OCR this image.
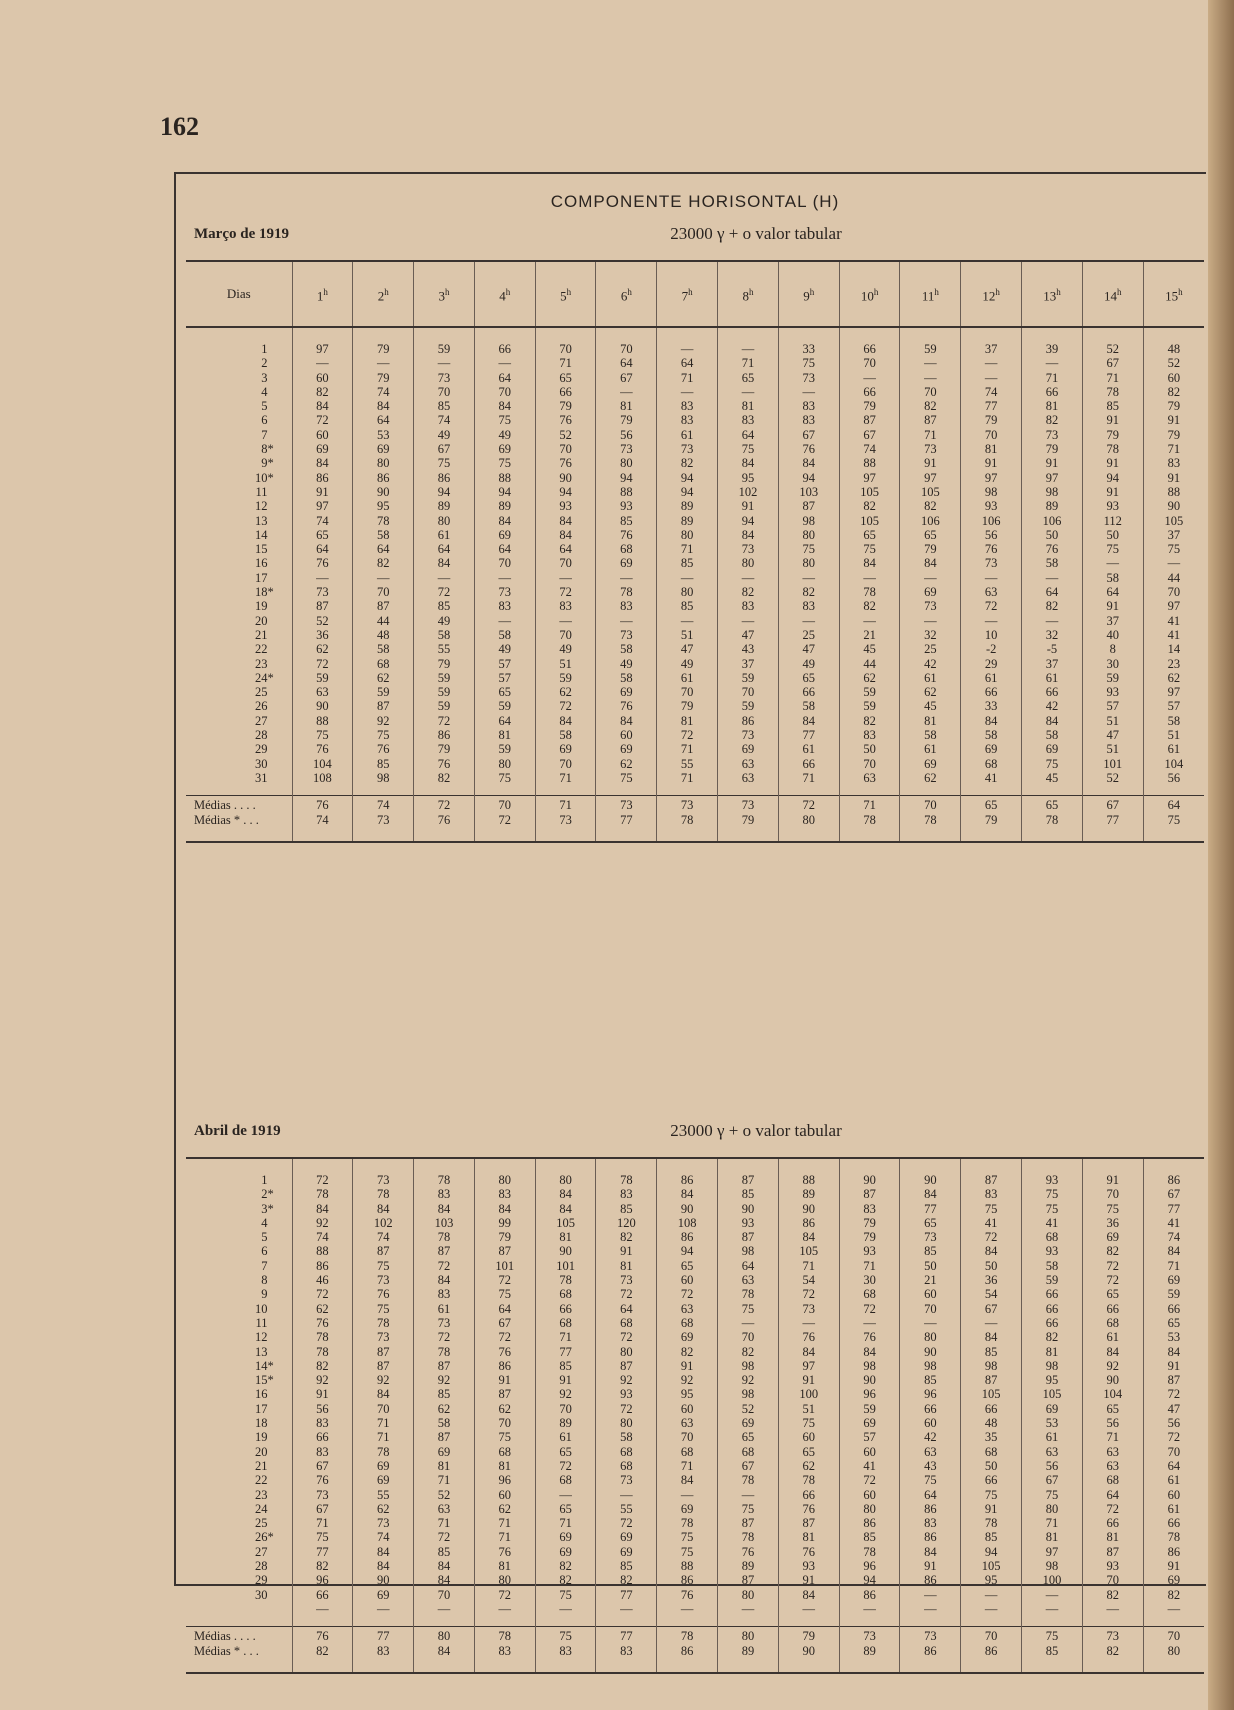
162
COMPONENTE HORISONTAL (H)
Março de 1919	23000 γ + o valor tabular
Dias	1$^h$	2$^h$	3$^h$	4$^h$	5$^h$	6$^h$	7$^h$	8$^h$	9$^h$	10$^h$	11$^h$	12$^h$	13$^h$	14$^h$	15$^h$
1	97	79	59	66	70	70	—	—	33	66	59	37	39	52	48
2	—	—	—	—	71	64	64	71	75	70	—	—	—	67	52
3	60	79	73	64	65	67	71	65	73	—	—	—	71	71	60
4	82	74	70	70	66	—	—	—	—	66	70	74	66	78	82
5	84	84	85	84	79	81	83	81	83	79	82	77	81	85	79
6	72	64	74	75	76	79	83	83	83	87	87	79	82	91	91
7	60	53	49	49	52	56	61	64	67	67	71	70	73	79	79
8*	69	69	67	69	70	73	73	75	76	74	73	81	79	78	71
9*	84	80	75	75	76	80	82	84	84	88	91	91	91	91	83
10*	86	86	86	88	90	94	94	95	94	97	97	97	97	94	91
11	91	90	94	94	94	88	94	102	103	105	105	98	98	91	88
12	97	95	89	89	93	93	89	91	87	82	82	93	89	93	90
13	74	78	80	84	84	85	89	94	98	105	106	106	106	112	105
14	65	58	61	69	84	76	80	84	80	65	65	56	50	50	37
15	64	64	64	64	64	68	71	73	75	75	79	76	76	75	75
16	76	82	84	70	70	69	85	80	80	84	84	73	58	—	—
17	—	—	—	—	—	—	—	—	—	—	—	—	—	58	44
18*	73	70	72	73	72	78	80	82	82	78	69	63	64	64	70
19	87	87	85	83	83	83	85	83	83	82	73	72	82	91	97
20	52	44	49	—	—	—	—	—	—	—	—	—	—	37	41
21	36	48	58	58	70	73	51	47	25	21	32	10	32	40	41
22	62	58	55	49	49	58	47	43	47	45	25	-2	-5	8	14
23	72	68	79	57	51	49	49	37	49	44	42	29	37	30	23
24*	59	62	59	57	59	58	61	59	65	62	61	61	61	59	62
25	63	59	59	65	62	69	70	70	66	59	62	66	66	93	97
26	90	87	59	59	72	76	79	59	58	59	45	33	42	57	57
27	88	92	72	64	84	84	81	86	84	82	81	84	84	51	58
28	75	75	86	81	58	60	72	73	77	83	58	58	58	47	51
29	76	76	79	59	69	69	71	69	61	50	61	69	69	51	61
30	104	85	76	80	70	62	55	63	66	70	69	68	75	101	104
31	108	98	82	75	71	75	71	63	71	63	62	41	45	52	56
Médias . . . .	76	74	72	70	71	73	73	73	72	71	70	65	65	67	64
Médias * . . .	74	73	76	72	73	77	78	79	80	78	78	79	78	77	75
Abril de 1919	23000 γ + o valor tabular
1	72	73	78	80	80	78	86	87	88	90	90	87	93	91	86
2*	78	78	83	83	84	83	84	85	89	87	84	83	75	70	67
3*	84	84	84	84	84	85	90	90	90	83	77	75	75	75	77
4	92	102	103	99	105	120	108	93	86	79	65	41	41	36	41
5	74	74	78	79	81	82	86	87	84	79	73	72	68	69	74
6	88	87	87	87	90	91	94	98	105	93	85	84	93	82	84
7	86	75	72	101	101	81	65	64	71	71	50	50	58	72	71
8	46	73	84	72	78	73	60	63	54	30	21	36	59	72	69
9	72	76	83	75	68	72	72	78	72	68	60	54	66	65	59
10	62	75	61	64	66	64	63	75	73	72	70	67	66	66	66
11	76	78	73	67	68	68	68	—	—	—	—	—	66	68	65
12	78	73	72	72	71	72	69	70	76	76	80	84	82	61	53
13	78	87	78	76	77	80	82	82	84	84	90	85	81	84	84
14*	82	87	87	86	85	87	91	98	97	98	98	98	98	92	91
15*	92	92	92	91	91	92	92	92	91	90	85	87	95	90	87
16	91	84	85	87	92	93	95	98	100	96	96	105	105	104	72
17	56	70	62	62	70	72	60	52	51	59	66	66	69	65	47
18	83	71	58	70	89	80	63	69	75	69	60	48	53	56	56
19	66	71	87	75	61	58	70	65	60	57	42	35	61	71	72
20	83	78	69	68	65	68	68	68	65	60	63	68	63	63	70
21	67	69	81	81	72	68	71	67	62	41	43	50	56	63	64
22	76	69	71	96	68	73	84	78	78	72	75	66	67	68	61
23	73	55	52	60	—	—	—	—	66	60	64	75	75	64	60
24	67	62	63	62	65	55	69	75	76	80	86	91	80	72	61
25	71	73	71	71	71	72	78	87	87	86	83	78	71	66	66
26*	75	74	72	71	69	69	75	78	81	85	86	85	81	81	78
27	77	84	85	76	69	69	75	76	76	78	84	94	97	87	86
28	82	84	84	81	82	85	88	89	93	96	91	105	98	93	91
29	96	90	84	80	82	82	86	87	91	94	86	95	100	70	69
30	66	69	70	72	75	77	76	80	84	86	—	—	—	82	82
	—	—	—	—	—	—	—	—	—	—	—	—	—	—	—
Médias . . . .	76	77	80	78	75	77	78	80	79	73	73	70	75	73	70
Médias * . . .	82	83	84	83	83	83	86	89	90	89	86	86	85	82	80
